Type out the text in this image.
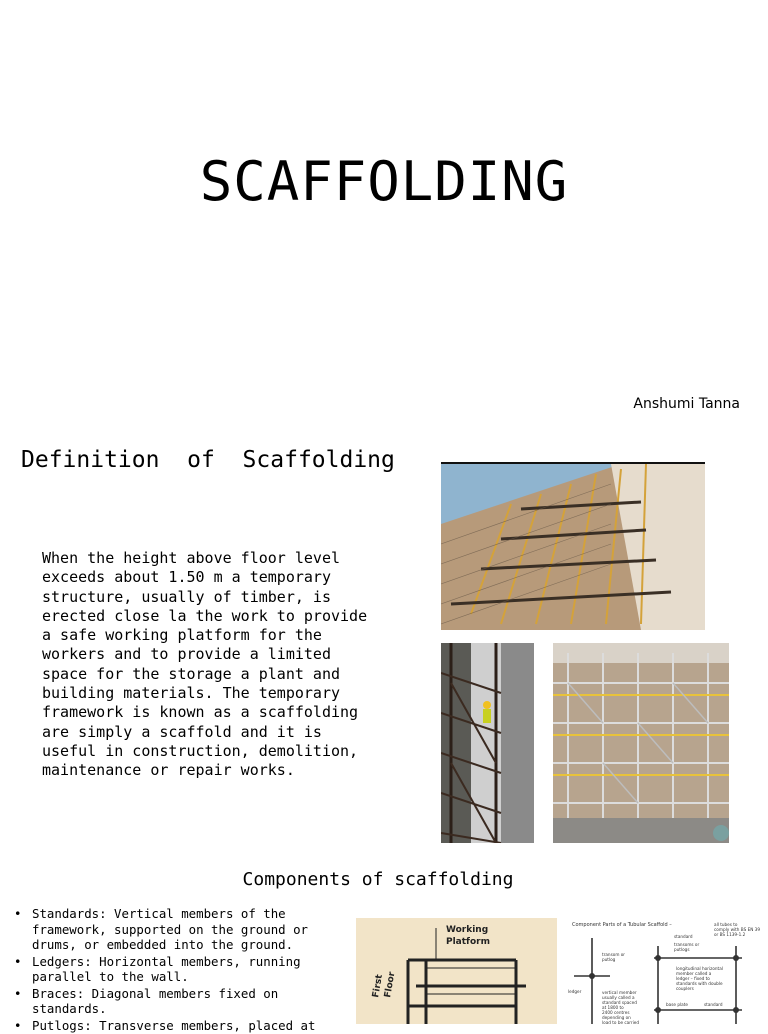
SCAFFOLDING
Anshumi Tanna
Definition  of  Scaffolding
When the height above floor level
exceeds about 1.50 m a temporary
structure, usually of timber, is
erected close la the work to provide
a safe working platform for the
workers and to provide a limited
space for the storage a plant and
building materials. The temporary
framework is known as a scaffolding
are simply a scaffold and it is
useful in construction, demolition,
maintenance or repair works.
Components of scaffolding
• Standards: Vertical members of the framework, supported on the ground or drums, or embedded into the ground.
• Ledgers: Horizontal members, running parallel to the wall.
• Braces: Diagonal members fixed on standards.
• Putlogs: Transverse members, placed at
Working
Platform
First
Floor
Component Parts of a Tubular Scaffold –	all tubes to
comply with BS EN 39
or BS 1139-1.2
transom or
putlog
standard
transoms or
putlogs
longitudinal horizontal
member called a
ledger – fixed to
standards with double
couplers
ledger	vertical member
usually called a
standard spaced
at 1800 to
2400 centres
depending on
load to be carried
base plate	standard
